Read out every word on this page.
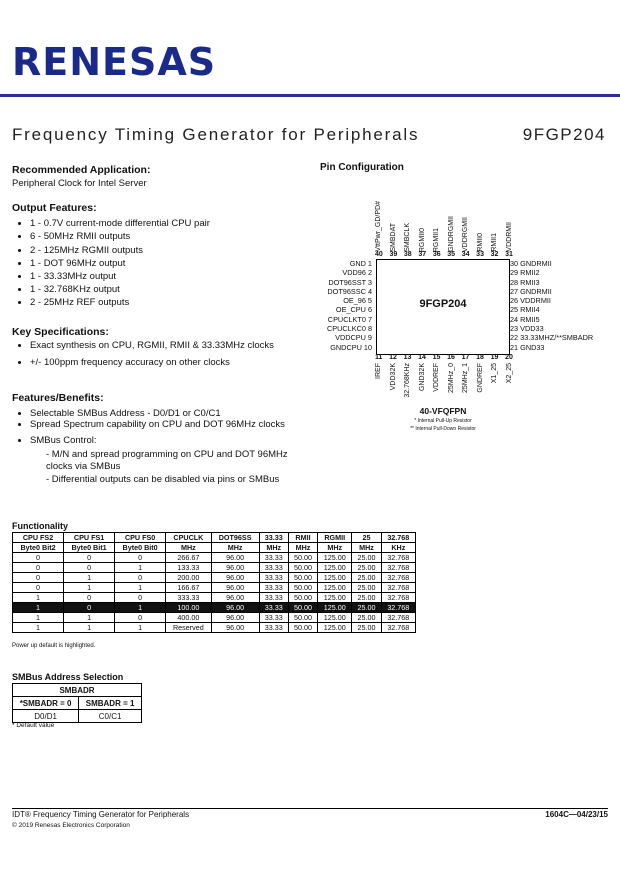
RENESAS
Frequency Timing Generator for Peripherals	9FGP204
Recommended Application:
Peripheral Clock for Intel Server
Output Features:
• 1 - 0.7V current-mode differential CPU pair
• 6 - 50MHz RMII outputs
• 2 - 125MHz RGMII outputs
• 1 - DOT 96MHz output
• 1 - 33.33MHz output
• 1 - 32.768KHz output
• 2 - 25MHz REF outputs
Key Specifications:
• Exact synthesis on CPU, RGMII, RMII & 33.33MHz clocks
• +/- 100ppm frequency accuracy on other clocks
Features/Benefits:
• Selectable SMBus Address - D0/D1 or C0/C1
• Spread Spectrum capability on CPU and DOT 96MHz clocks
• SMBus Control:
- M/N and spread programming on CPU and DOT 96MHz clocks via SMBus
- Differential outputs can be disabled via pins or SMBus
Pin Configuration
VttPwr_GD/PD# SMBDAT SMBCLK RGMII0 RGMII1 GNDRGMII VDDRGMII RMII0 RMII1 VDDRMII
40 39 38 37 36 35 34 33 32 31
9FGP204
GND 1
VDD96 2
DOT96SST 3
DOT96SSC 4
OE_96 5
OE_CPU 6
CPUCLKT0 7
CPUCLKC0 8
VDDCPU 9
GNDCPU 10
30 GNDRMII
29 RMII2
28 RMII3
27 GNDRMII
26 VDDRMII
25 RMII4
24 RMII5
23 VDD33
22 33.33MHZ/**SMBADR
21 GND33
11 12 13 14 15 16 17 18 19 20
IREF VDD32K 32.768KHz GND32K VDDREF 25MHz_0 25MHz_1 GNDREF X1_25 X2_25
40-VFQFPN
* Internal Pull-Up Resistor
** Internal Pull-Down Resistor
Functionality
CPU FS2	CPU FS1	CPU FS0	CPUCLK	DOT96SS	33.33	RMII	RGMII	25	32.768
Byte0 Bit2	Byte0 Bit1	Byte0 Bit0	MHz	MHz	MHz	MHz	MHz	MHz	KHz
0	0	0	266.67	96.00	33.33	50.00	125.00	25.00	32.768
0	0	1	133.33	96.00	33.33	50.00	125.00	25.00	32.768
0	1	0	200.00	96.00	33.33	50.00	125.00	25.00	32.768
0	1	1	166.67	96.00	33.33	50.00	125.00	25.00	32.768
1	0	0	333.33	96.00	33.33	50.00	125.00	25.00	32.768
1	0	1	100.00	96.00	33.33	50.00	125.00	25.00	32.768
1	1	0	400.00	96.00	33.33	50.00	125.00	25.00	32.768
1	1	1	Reserved	96.00	33.33	50.00	125.00	25.00	32.768
Power up default is highlighted.
SMBus Address Selection
SMBADR	
*SMBADR = 0	SMBADR = 1
D0/D1	C0/C1
* Default value
IDT® Frequency Timing Generator for Peripherals	1604C—04/23/15
© 2019 Renesas Electronics Corporation
